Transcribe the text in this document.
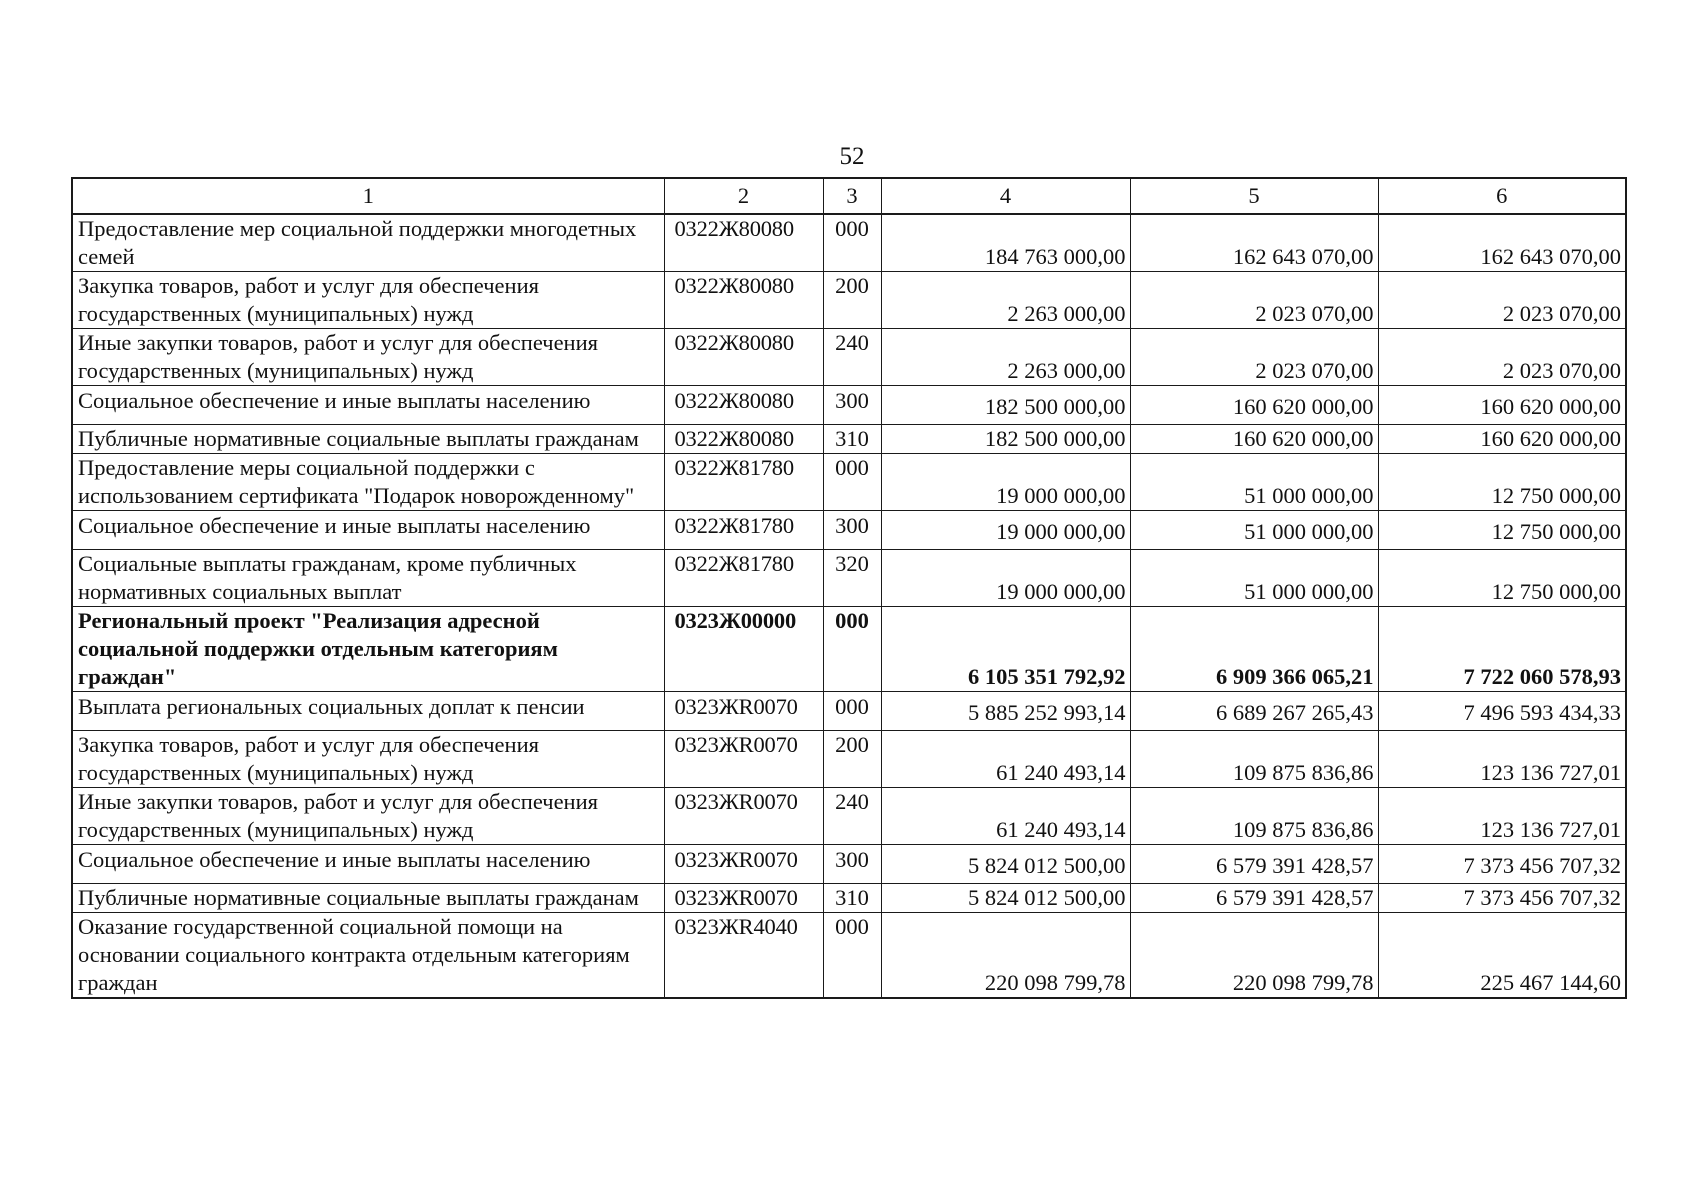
52
1	2	3	4	5	6
Предоставление мер социальной поддержки многодетных семей	0322Ж80080	000	184 763 000,00	162 643 070,00	162 643 070,00
Закупка товаров, работ и услуг для обеспечения государственных (муниципальных) нужд	0322Ж80080	200	2 263 000,00	2 023 070,00	2 023 070,00
Иные закупки товаров, работ и услуг для обеспечения государственных (муниципальных) нужд	0322Ж80080	240	2 263 000,00	2 023 070,00	2 023 070,00
Социальное обеспечение и иные выплаты населению	0322Ж80080	300	182 500 000,00	160 620 000,00	160 620 000,00
Публичные нормативные социальные выплаты гражданам	0322Ж80080	310	182 500 000,00	160 620 000,00	160 620 000,00
Предоставление меры социальной поддержки с использованием сертификата "Подарок новорожденному"	0322Ж81780	000	19 000 000,00	51 000 000,00	12 750 000,00
Социальное обеспечение и иные выплаты населению	0322Ж81780	300	19 000 000,00	51 000 000,00	12 750 000,00
Социальные выплаты гражданам, кроме публичных нормативных социальных выплат	0322Ж81780	320	19 000 000,00	51 000 000,00	12 750 000,00
Региональный проект "Реализация адресной социальной поддержки отдельным категориям граждан"	0323Ж00000	000	6 105 351 792,92	6 909 366 065,21	7 722 060 578,93
Выплата региональных социальных доплат к пенсии	0323ЖR0070	000	5 885 252 993,14	6 689 267 265,43	7 496 593 434,33
Закупка товаров, работ и услуг для обеспечения государственных (муниципальных) нужд	0323ЖR0070	200	61 240 493,14	109 875 836,86	123 136 727,01
Иные закупки товаров, работ и услуг для обеспечения государственных (муниципальных) нужд	0323ЖR0070	240	61 240 493,14	109 875 836,86	123 136 727,01
Социальное обеспечение и иные выплаты населению	0323ЖR0070	300	5 824 012 500,00	6 579 391 428,57	7 373 456 707,32
Публичные нормативные социальные выплаты гражданам	0323ЖR0070	310	5 824 012 500,00	6 579 391 428,57	7 373 456 707,32
Оказание государственной социальной помощи на основании социального контракта отдельным категориям граждан	0323ЖR4040	000	220 098 799,78	220 098 799,78	225 467 144,60
